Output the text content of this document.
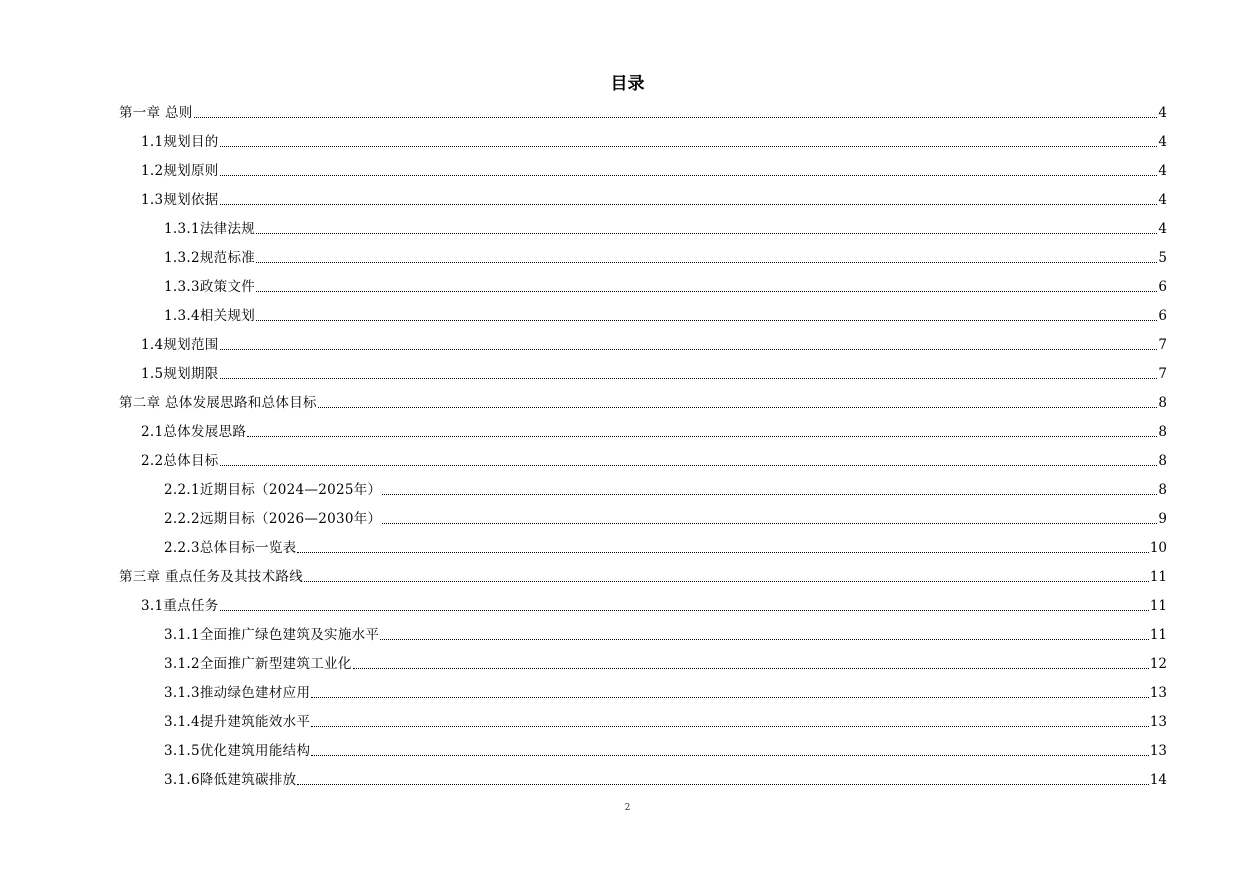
目录
第一章 总则	4
1.1规划目的	4
1.2规划原则	4
1.3规划依据	4
1.3.1法律法规	4
1.3.2规范标准	5
1.3.3政策文件	6
1.3.4相关规划	6
1.4规划范围	7
1.5规划期限	7
第二章 总体发展思路和总体目标	8
2.1总体发展思路	8
2.2总体目标	8
2.2.1近期目标（2024—2025年）	8
2.2.2远期目标（2026—2030年）	9
2.2.3总体目标一览表	10
第三章 重点任务及其技术路线	11
3.1重点任务	11
3.1.1全面推广绿色建筑及实施水平	11
3.1.2全面推广新型建筑工业化	12
3.1.3推动绿色建材应用	13
3.1.4提升建筑能效水平	13
3.1.5优化建筑用能结构	13
3.1.6降低建筑碳排放	14
2
